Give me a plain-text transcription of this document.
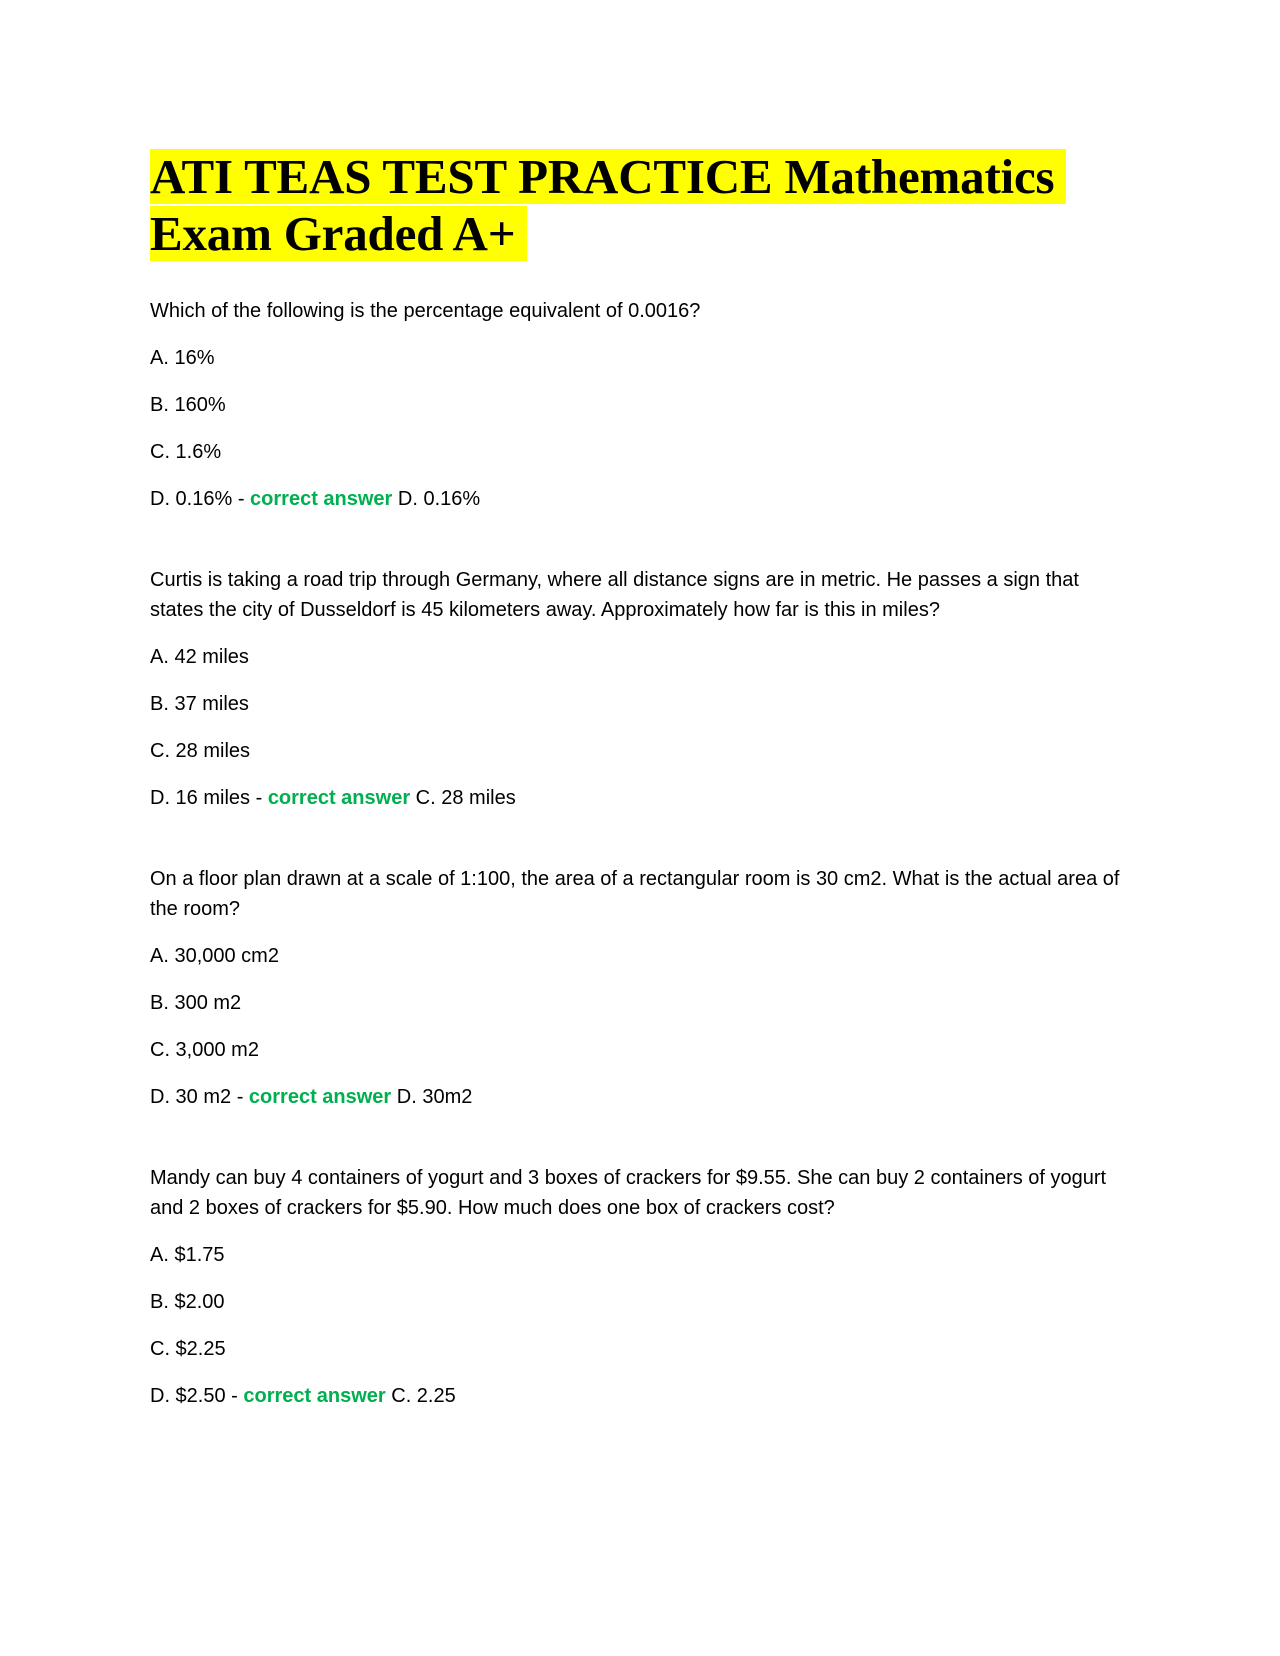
ATI TEAS TEST PRACTICE Mathematics
Exam Graded A+
Which of the following is the percentage equivalent of 0.0016?
A. 16%
B. 160%
C. 1.6%
D. 0.16% - correct answer D. 0.16%
Curtis is taking a road trip through Germany, where all distance signs are in metric. He passes a sign that states the city of Dusseldorf is 45 kilometers away. Approximately how far is this in miles?
A. 42 miles
B. 37 miles
C. 28 miles
D. 16 miles - correct answer C. 28 miles
On a floor plan drawn at a scale of 1:100, the area of a rectangular room is 30 cm2. What is the actual area of the room?
A. 30,000 cm2
B. 300 m2
C. 3,000 m2
D. 30 m2 - correct answer D. 30m2
Mandy can buy 4 containers of yogurt and 3 boxes of crackers for $9.55. She can buy 2 containers of yogurt and 2 boxes of crackers for $5.90. How much does one box of crackers cost?
A. $1.75
B. $2.00
C. $2.25
D. $2.50 - correct answer C. 2.25
